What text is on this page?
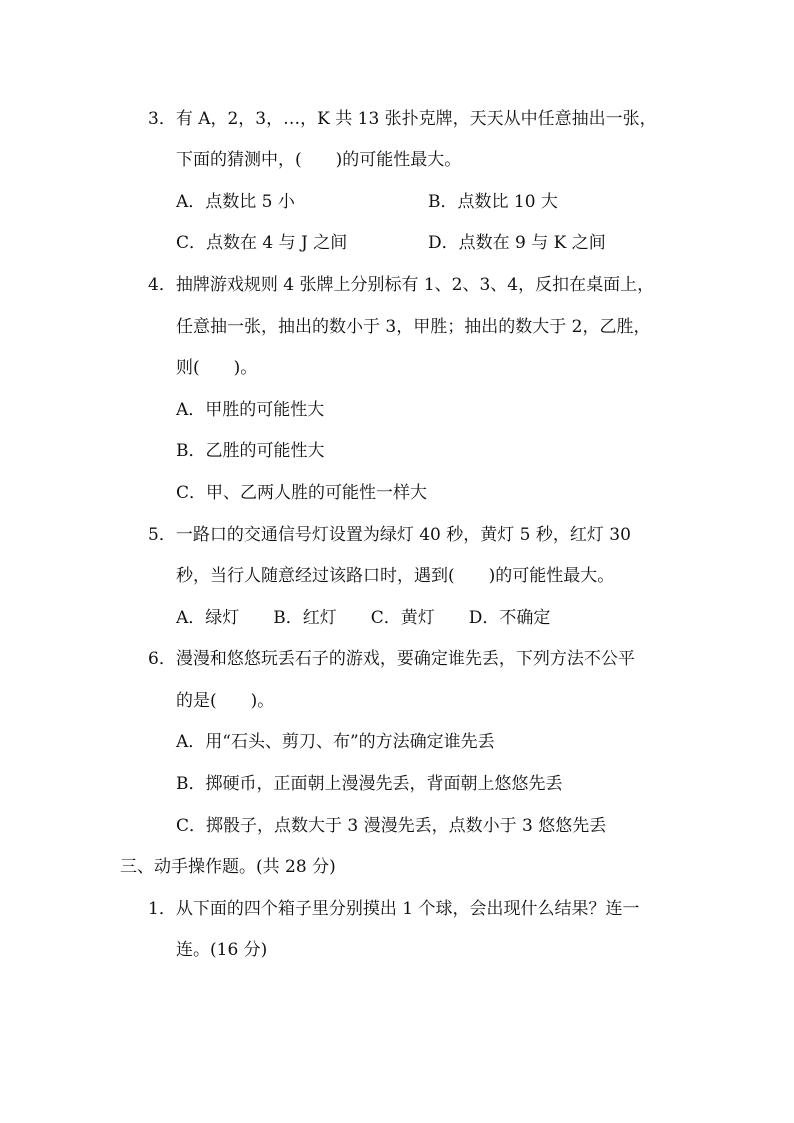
3．有 A，2，3，…，K 共 13 张扑克牌，天天从中任意抽出一张，
下面的猜测中，(　　)的可能性最大。
A．点数比 5 小	B．点数比 10 大
C．点数在 4 与 J 之间	D．点数在 9 与 K 之间
4．抽牌游戏规则 4 张牌上分别标有 1、2、3、4，反扣在桌面上，
任意抽一张，抽出的数小于 3，甲胜；抽出的数大于 2，乙胜，
则(　　)。
A．甲胜的可能性大
B．乙胜的可能性大
C．甲、乙两人胜的可能性一样大
5．一路口的交通信号灯设置为绿灯 40 秒，黄灯 5 秒，红灯 30
秒，当行人随意经过该路口时，遇到(　　)的可能性最大。
A．绿灯　　B．红灯　　C．黄灯　　D．不确定
6．漫漫和悠悠玩丢石子的游戏，要确定谁先丢，下列方法不公平
的是(　　)。
A．用“石头、剪刀、布”的方法确定谁先丢
B．掷硬币，正面朝上漫漫先丢，背面朝上悠悠先丢
C．掷骰子，点数大于 3 漫漫先丢，点数小于 3 悠悠先丢
三、动手操作题。(共 28 分)
1．从下面的四个箱子里分别摸出 1 个球，会出现什么结果？连一
连。(16 分)
